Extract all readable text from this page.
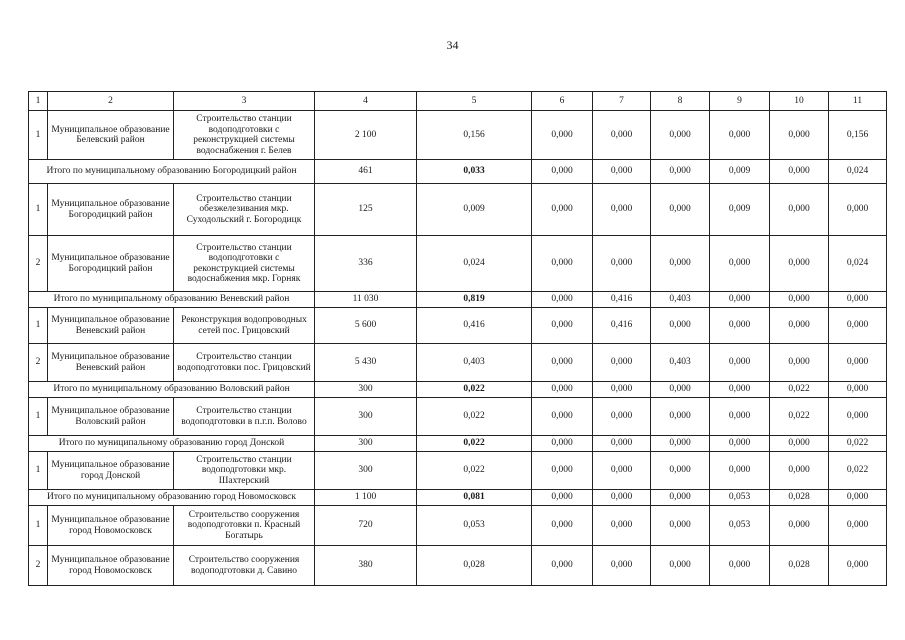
34
1	2	3	4	5	6	7	8	9	10	11
1	Муниципальное образование Белевский район	Строительство станции водоподготовки с реконструкцией системы водоснабжения г. Белев	2 100	0,156	0,000	0,000	0,000	0,000	0,000	0,156
Итого по муниципальному образованию Богородицкий район			461	0,033	0,000	0,000	0,000	0,009	0,000	0,024
1	Муниципальное образование Богородицкий район	Строительство станции обезжелезивания мкр. Суходольский г. Богородицк	125	0,009	0,000	0,000	0,000	0,009	0,000	0,000
2	Муниципальное образование Богородицкий район	Строительство станции водоподготовки с реконструкцией системы водоснабжения мкр. Горняк	336	0,024	0,000	0,000	0,000	0,000	0,000	0,024
Итого по муниципальному образованию Веневский район			11 030	0,819	0,000	0,416	0,403	0,000	0,000	0,000
1	Муниципальное образование Веневский район	Реконструкция водопроводных сетей пос. Грицовский	5 600	0,416	0,000	0,416	0,000	0,000	0,000	0,000
2	Муниципальное образование Веневский район	Строительство станции водоподготовки пос. Грицовский	5 430	0,403	0,000	0,000	0,403	0,000	0,000	0,000
Итого по муниципальному образованию Воловский район			300	0,022	0,000	0,000	0,000	0,000	0,022	0,000
1	Муниципальное образование Воловский район	Строительство станции водоподготовки в п.г.п. Волово	300	0,022	0,000	0,000	0,000	0,000	0,022	0,000
Итого по муниципальному образованию город Донской			300	0,022	0,000	0,000	0,000	0,000	0,000	0,022
1	Муниципальное образование город Донской	Строительство станции водоподготовки мкр. Шахтерский	300	0,022	0,000	0,000	0,000	0,000	0,000	0,022
Итого по муниципальному образованию город Новомосковск			1 100	0,081	0,000	0,000	0,000	0,053	0,028	0,000
1	Муниципальное образование город Новомосковск	Строительство сооружения водоподготовки п. Красный Богатырь	720	0,053	0,000	0,000	0,000	0,053	0,000	0,000
2	Муниципальное образование город Новомосковск	Строительство сооружения водоподготовки д. Савино	380	0,028	0,000	0,000	0,000	0,000	0,028	0,000
